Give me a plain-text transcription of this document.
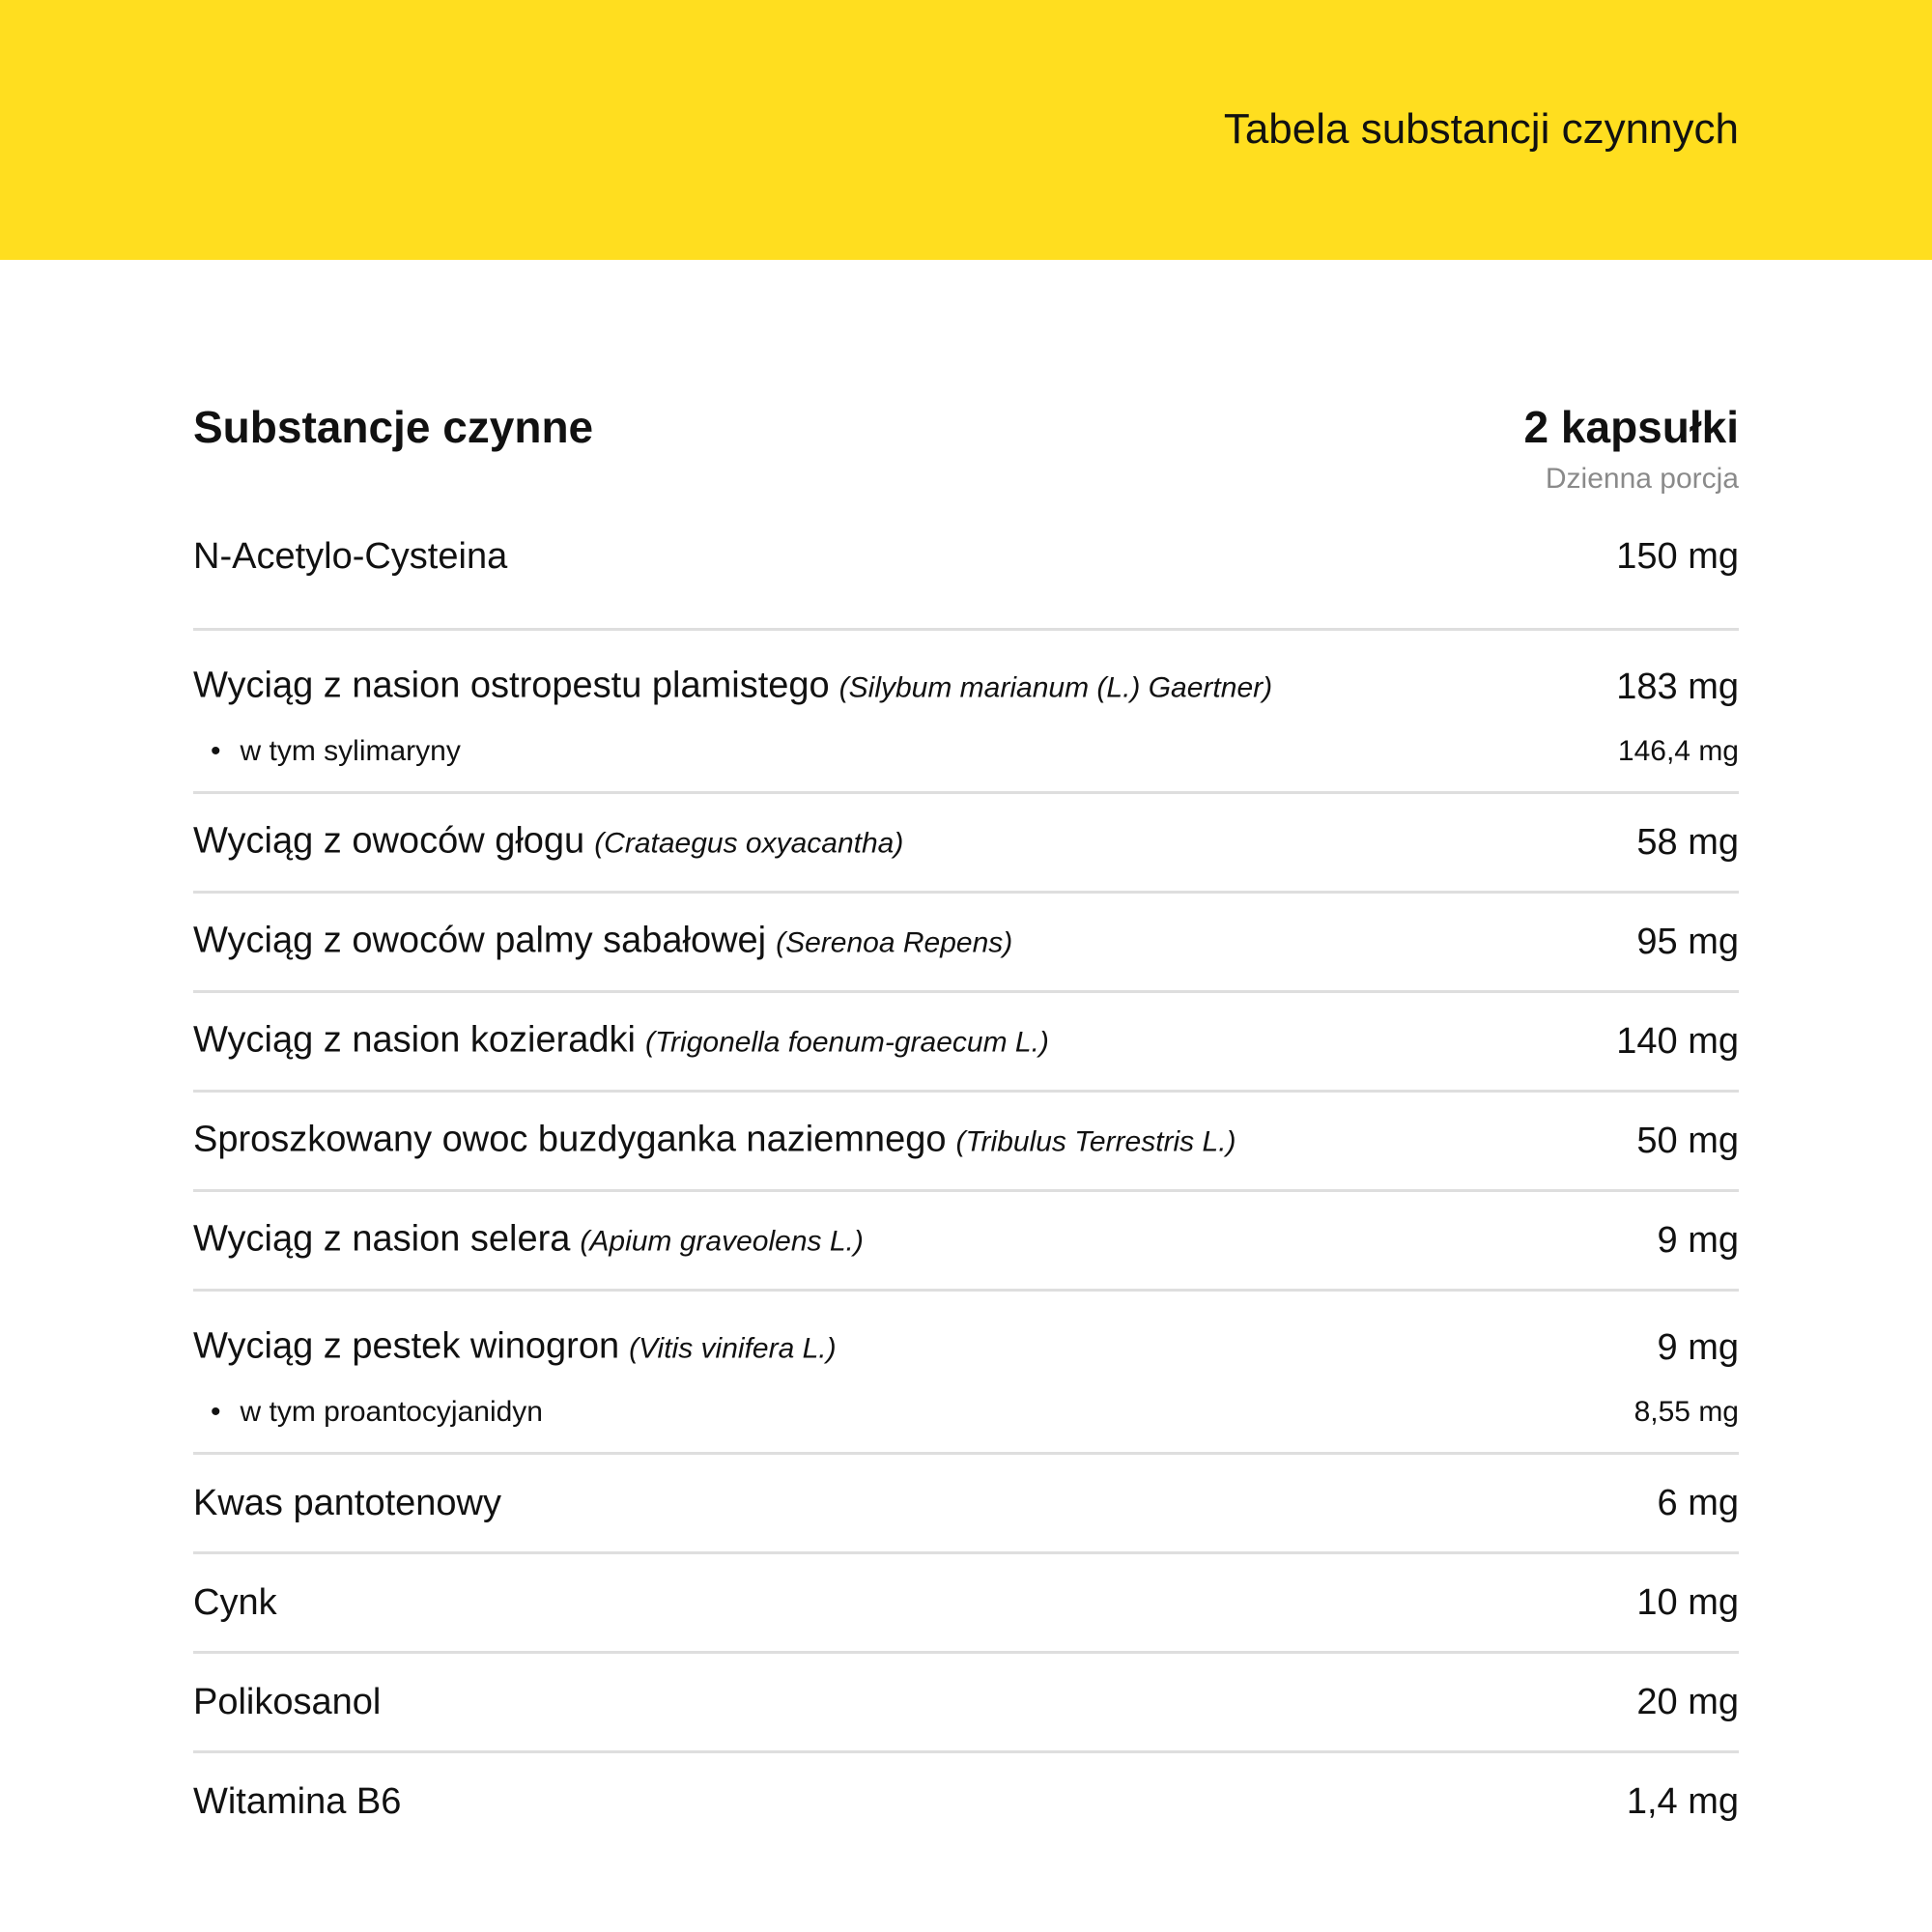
Tabela substancji czynnych
Substancje czynne	2 kapsułki
Dzienna porcja
N-Acetylo-Cysteina	150 mg
Wyciąg z nasion ostropestu plamistego (Silybum marianum (L.) Gaertner)	183 mg
• w tym sylimaryny	146,4 mg
Wyciąg z owoców głogu (Crataegus oxyacantha)	58 mg
Wyciąg z owoców palmy sabałowej (Serenoa Repens)	95 mg
Wyciąg z nasion kozieradki (Trigonella foenum-graecum L.)	140 mg
Sproszkowany owoc buzdyganka naziemnego (Tribulus Terrestris L.)	50 mg
Wyciąg z nasion selera (Apium graveolens L.)	9 mg
Wyciąg z pestek winogron (Vitis vinifera L.)	9 mg
• w tym proantocyjanidyn	8,55 mg
Kwas pantotenowy	6 mg
Cynk	10 mg
Polikosanol	20 mg
Witamina B6	1,4 mg
